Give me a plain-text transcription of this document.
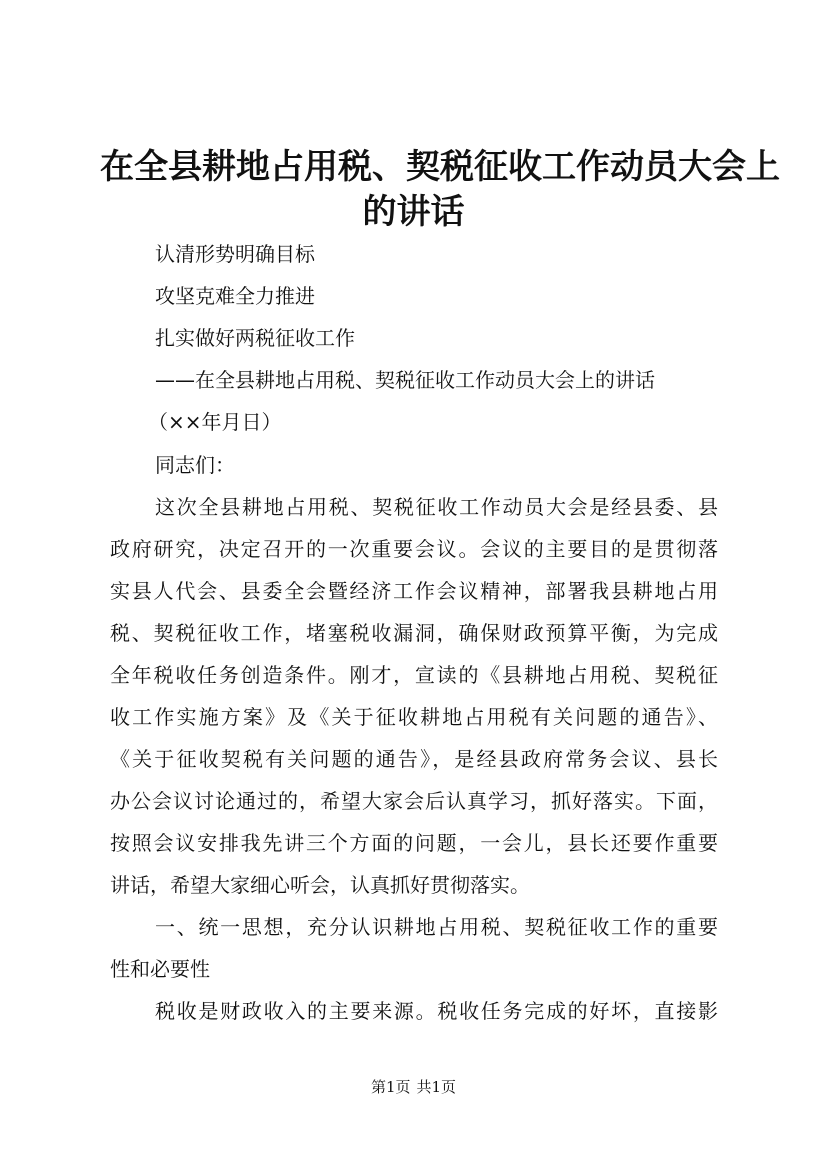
在全县耕地占用税、契税征收工作动员大会上
的讲话
认清形势明确目标
攻坚克难全力推进
扎实做好两税征收工作
——在全县耕地占用税、契税征收工作动员大会上的讲话
（××年月日）
同志们：
这次全县耕地占用税、契税征收工作动员大会是经县委、县
政府研究，决定召开的一次重要会议。会议的主要目的是贯彻落
实县人代会、县委全会暨经济工作会议精神，部署我县耕地占用
税、契税征收工作，堵塞税收漏洞，确保财政预算平衡，为完成
全年税收任务创造条件。刚才，宣读的《县耕地占用税、契税征
收工作实施方案》及《关于征收耕地占用税有关问题的通告》、
《关于征收契税有关问题的通告》，是经县政府常务会议、县长
办公会议讨论通过的，希望大家会后认真学习，抓好落实。下面，
按照会议安排我先讲三个方面的问题，一会儿，县长还要作重要
讲话，希望大家细心听会，认真抓好贯彻落实。
一、统一思想，充分认识耕地占用税、契税征收工作的重要
性和必要性
税收是财政收入的主要来源。税收任务完成的好坏，直接影
第1页 共1页
